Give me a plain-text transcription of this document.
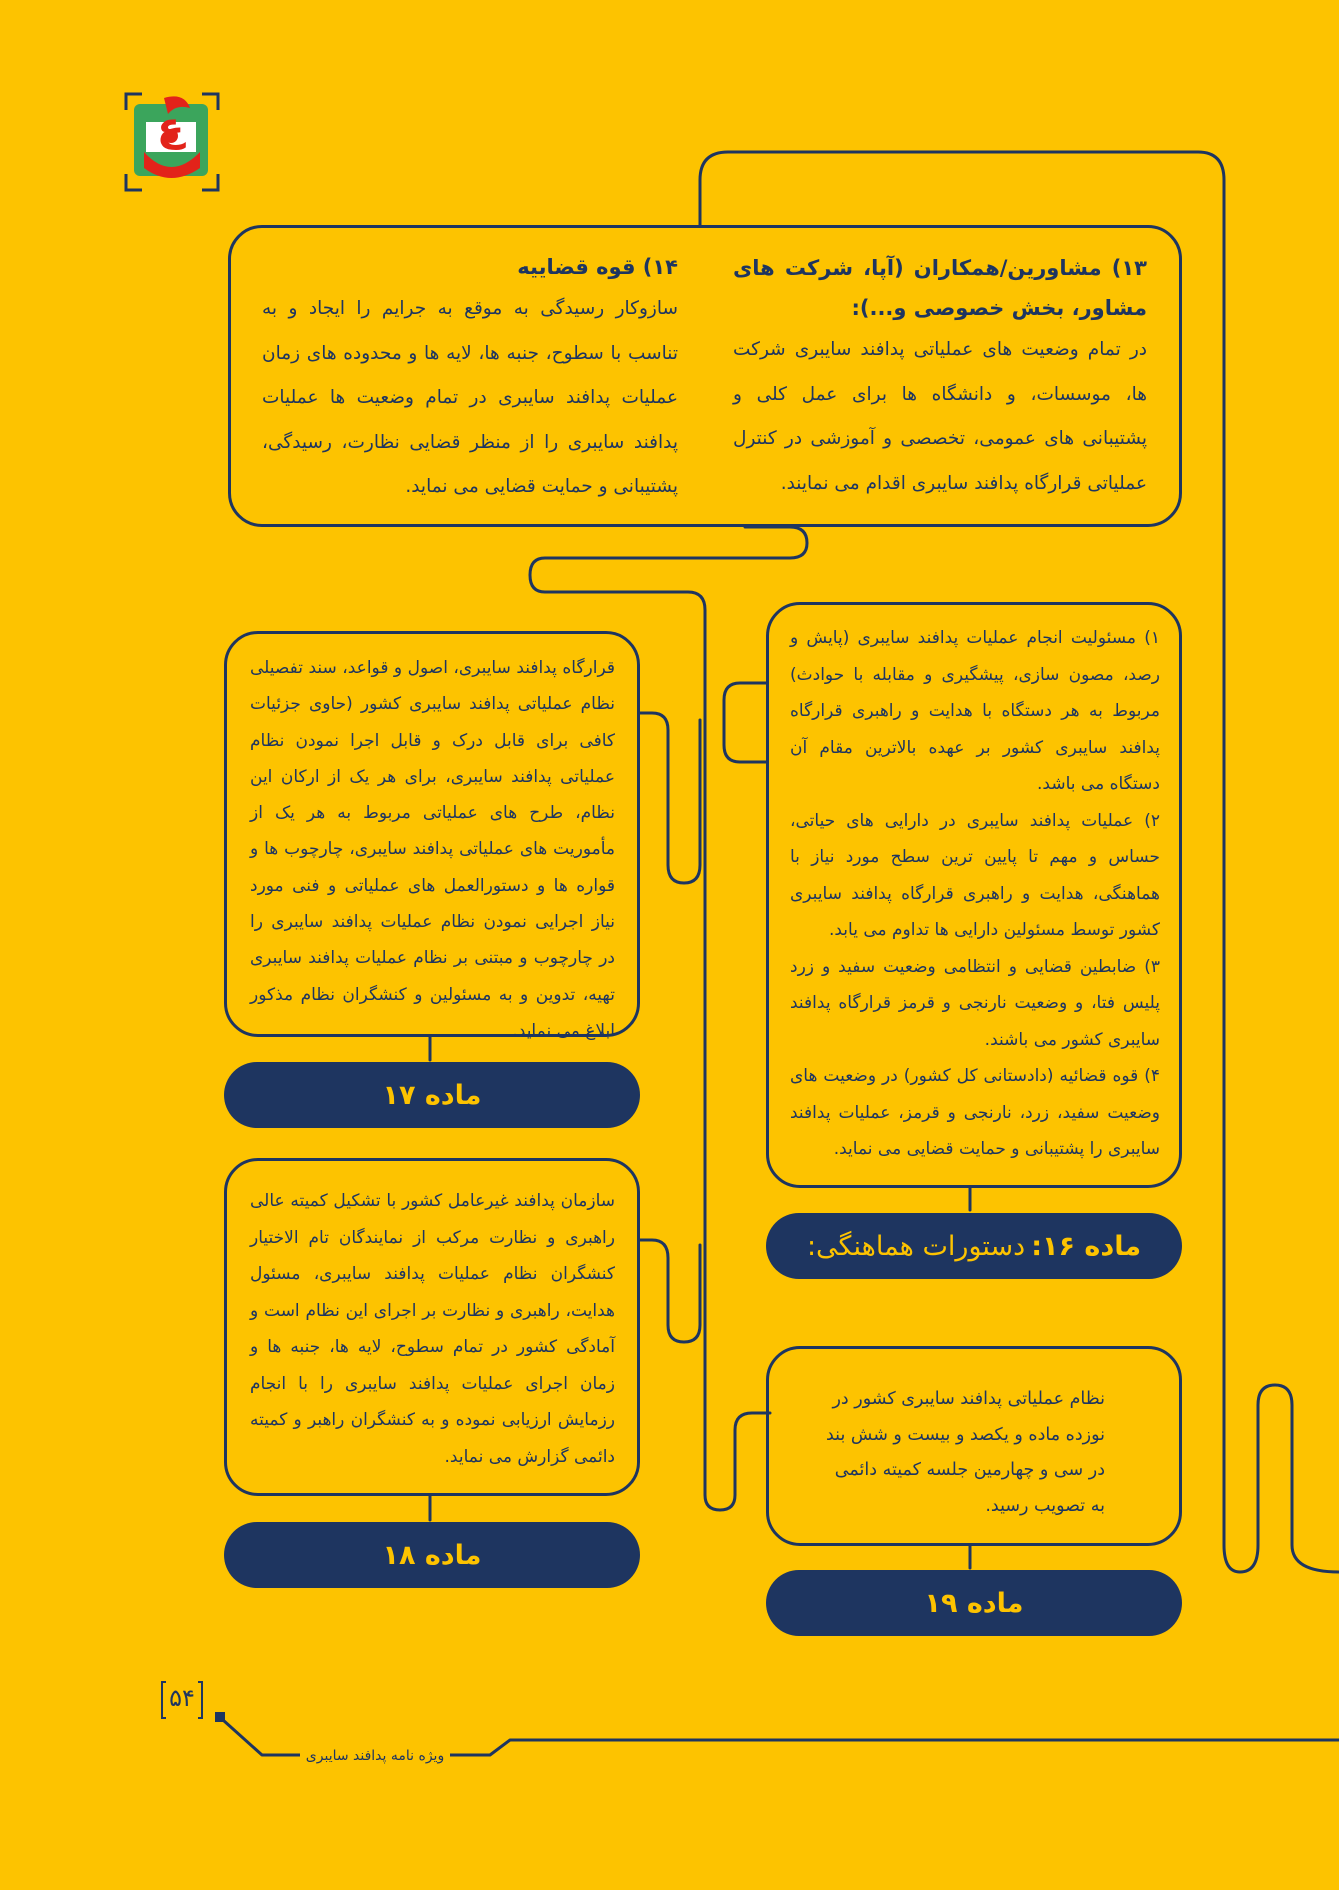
ع

۱۳) مشاورین/همکاران (آپا، شرکت های مشاور، بخش خصوصی و...):

در تمام وضعیت های عملیاتی پدافند سایبری شرکت ها، موسسات، و دانشگاه ها برای عمل کلی و پشتیبانی های عمومی، تخصصی و آموزشی در کنترل عملیاتی قرارگاه پدافند سایبری اقدام می نمایند.

۱۴) قوه قضاییه

سازوکار رسیدگی به موقع به جرایم را ایجاد و به تناسب با سطوح، جنبه ها، لایه ها و محدوده های زمان عملیات پدافند سایبری در تمام وضعیت ها عملیات پدافند سایبری را از منظر قضایی نظارت، رسیدگی، پشتیبانی و حمایت قضایی می نماید.

۱) مسئولیت انجام عملیات پدافند سایبری (پایش و رصد، مصون سازی، پیشگیری و مقابله با حوادث) مربوط به هر دستگاه با هدایت و راهبری قرارگاه پدافند سایبری کشور بر عهده بالاترین مقام آن دستگاه می باشد.

۲) عملیات پدافند سایبری در دارایی های حیاتی، حساس و مهم تا پایین ترین سطح مورد نیاز با هماهنگی، هدایت و راهبری قرارگاه پدافند سایبری کشور توسط مسئولین دارایی ها تداوم می یابد.

۳) ضابطین قضایی و انتظامی وضعیت سفید و زرد پلیس فتا، و وضعیت نارنجی و قرمز قرارگاه پدافند سایبری کشور می باشند.

۴) قوه قضائیه (دادستانی کل کشور) در وضعیت های وضعیت سفید، زرد، نارنجی و قرمز، عملیات پدافند سایبری را پشتیبانی و حمایت قضایی می نماید.

ماده ۱۶:
دستورات هماهنگی:
قرارگاه پدافند سایبری، اصول و قواعد، سند تفصیلی نظام عملیاتی پدافند سایبری کشور (حاوی جزئیات کافی برای قابل درک و قابل اجرا نمودن نظام عملیاتی پدافند سایبری، برای هر یک از ارکان این نظام، طرح های عملیاتی مربوط به هر یک از مأموریت های عملیاتی پدافند سایبری، چارچوب ها و قواره ها و دستورالعمل های عملیاتی و فنی مورد نیاز اجرایی نمودن نظام عملیات پدافند سایبری را در چارچوب و مبتنی بر نظام عملیات پدافند سایبری تهیه، تدوین و به مسئولین و کنشگران نظام مذکور ابلاغ می نماید.
ماده ۱۷
سازمان پدافند غیرعامل کشور با تشکیل کمیته عالی راهبری و نظارت مرکب از نمایندگان تام الاختیار کنشگران نظام عملیات پدافند سایبری، مسئول هدایت، راهبری و نظارت بر اجرای این نظام است و آمادگی کشور در تمام سطوح، لایه ها، جنبه ها و زمان اجرای عملیات پدافند سایبری را با انجام رزمایش ارزیابی نموده و به کنشگران راهبر و کمیته دائمی گزارش می نماید.
ماده ۱۸

نظام عملیاتی پدافند سایبری کشور در

نوزده ماده و یکصد و بیست و شش بند

در سی و چهارمین جلسه کمیته دائمی

به تصویب رسید.

ماده ۱۹
۵۴
ویژه نامه پدافند سایبری
